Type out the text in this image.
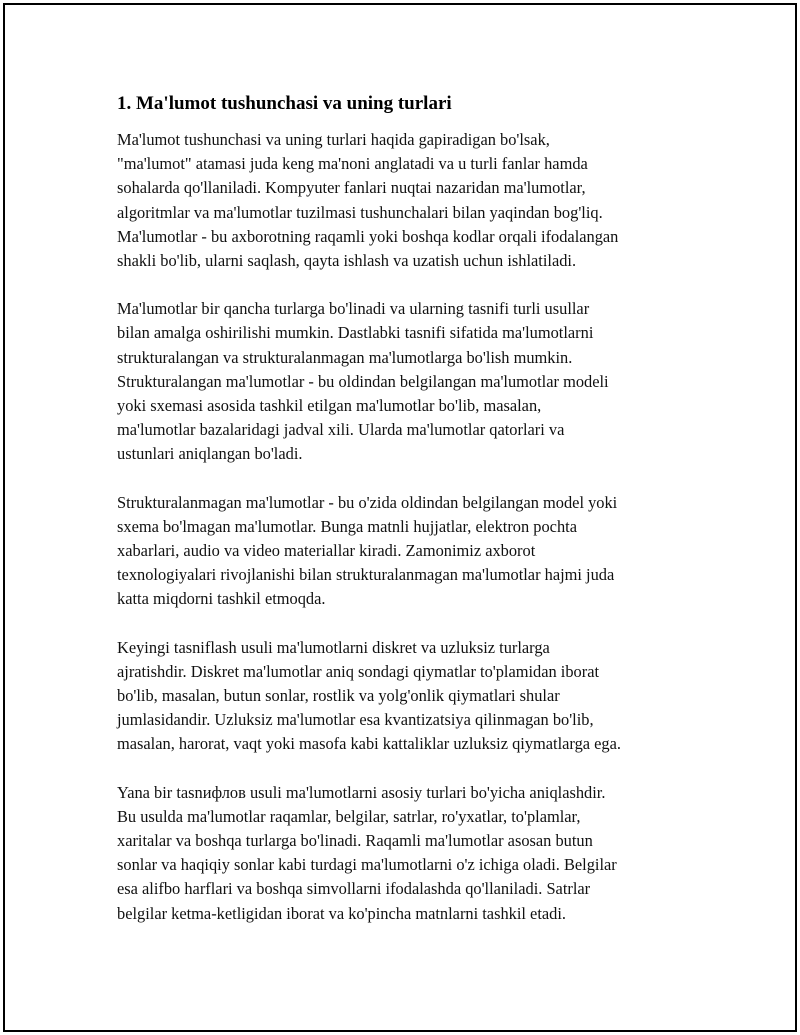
1. Ma'lumot tushunchasi va uning turlari

Ma'lumot tushunchasi va uning turlari haqida gapiradigan bo'lsak,
"ma'lumot" atamasi juda keng ma'noni anglatadi va u turli fanlar hamda
sohalarda qo'llaniladi. Kompyuter fanlari nuqtai nazaridan ma'lumotlar,
algoritmlar va ma'lumotlar tuzilmasi tushunchalari bilan yaqindan bog'liq.
Ma'lumotlar - bu axborotning raqamli yoki boshqa kodlar orqali ifodalangan
shakli bo'lib, ularni saqlash, qayta ishlash va uzatish uchun ishlatiladi.

Ma'lumotlar bir qancha turlarga bo'linadi va ularning tasnifi turli usullar
bilan amalga oshirilishi mumkin. Dastlabki tasnifi sifatida ma'lumotlarni
strukturalangan va strukturalanmagan ma'lumotlarga bo'lish mumkin.
Strukturalangan ma'lumotlar - bu oldindan belgilangan ma'lumotlar modeli
yoki sxemasi asosida tashkil etilgan ma'lumotlar bo'lib, masalan,
ma'lumotlar bazalaridagi jadval xili. Ularda ma'lumotlar qatorlari va
ustunlari aniqlangan bo'ladi.

Strukturalanmagan ma'lumotlar - bu o'zida oldindan belgilangan model yoki
sxema bo'lmagan ma'lumotlar. Bunga matnli hujjatlar, elektron pochta
xabarlari, audio va video materiallar kiradi. Zamonimiz axborot
texnologiyalari rivojlanishi bilan strukturalanmagan ma'lumotlar hajmi juda
katta miqdorni tashkil etmoqda.

Keyingi tasniflash usuli ma'lumotlarni diskret va uzluksiz turlarga
ajratishdir. Diskret ma'lumotlar aniq sondagi qiymatlar to'plamidan iborat
bo'lib, masalan, butun sonlar, rostlik va yolg'onlik qiymatlari shular
jumlasidandir. Uzluksiz ma'lumotlar esa kvantizatsiya qilinmagan bo'lib,
masalan, harorat, vaqt yoki masofa kabi kattaliklar uzluksiz qiymatlarga ega.

Yana bir tasnифлов usuli ma'lumotlarni asosiy turlari bo'yicha aniqlashdir.
Bu usulda ma'lumotlar raqamlar, belgilar, satrlar, ro'yxatlar, to'plamlar,
xaritalar va boshqa turlarga bo'linadi. Raqamli ma'lumotlar asosan butun
sonlar va haqiqiy sonlar kabi turdagi ma'lumotlarni o'z ichiga oladi. Belgilar
esa alifbo harflari va boshqa simvollarni ifodalashda qo'llaniladi. Satrlar
belgilar ketma-ketligidan iborat va ko'pincha matnlarni tashkil etadi.
